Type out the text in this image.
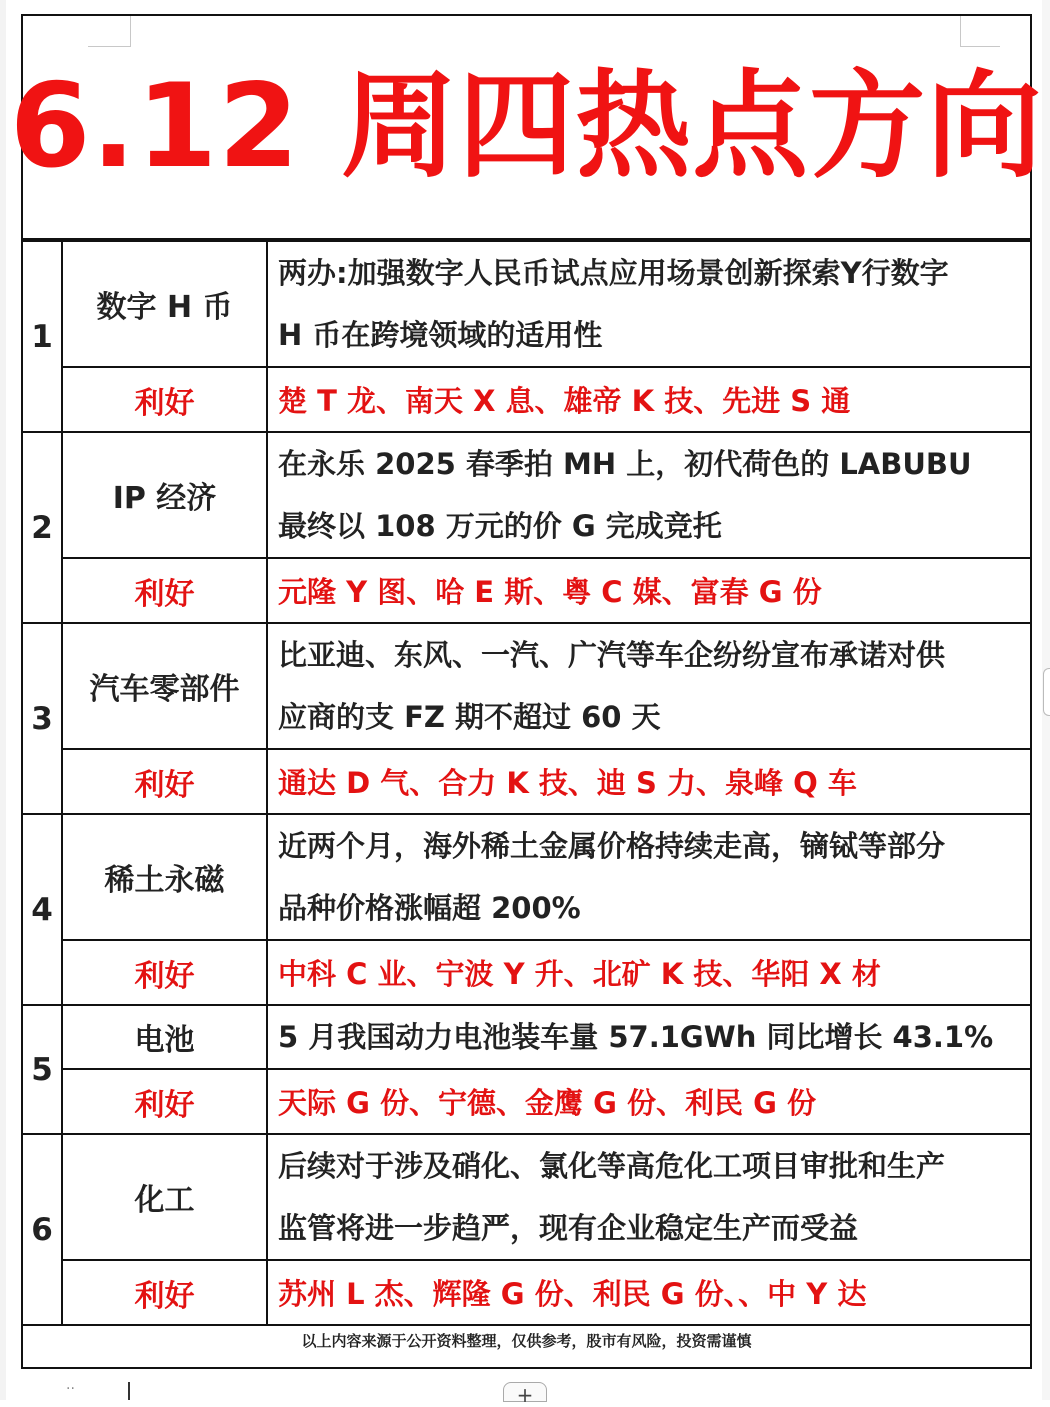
6.12 周四热点方向
1	数字 H 币	两办:加强数字人民币试点应用场景创新探索Y行数字
H 币在跨境领域的适用性

	利好	楚 T 龙、南天 X 息、雄帝 K 技、先进 S 通
2	IP 经济	在永乐 2025 春季拍 MH 上，初代荷色的 LABUBU
最终以 108 万元的价 G 完成竞托

	利好	元隆 Y 图、哈 E 斯、粤 C 媒、富春 G 份
3	汽车零部件	比亚迪、东风、一汽、广汽等车企纷纷宣布承诺对供
应商的支 FZ 期不超过 60 天

	利好	通达 D 气、合力 K 技、迪 S 力、泉峰 Q 车
4	稀土永磁	近两个月，海外稀土金属价格持续走高，镝铽等部分
品种价格涨幅超 200%

	利好	中科 C 业、宁波 Y 升、北矿 K 技、华阳 X 材
5	电池	5 月我国动力电池装车量 57.1GWh 同比增长 43.1%

	利好	天际 G 份、宁德、金鹰 G 份、利民 G 份
6	化工	后续对于涉及硝化、氯化等高危化工项目审批和生产
监管将进一步趋严，现有企业稳定生产而受益

	利好	苏州 L 杰、辉隆 G 份、利民 G 份、、中 Y 达
以上内容来源于公开资料整理，仅供参考，股市有风险，投资需谨慎
··	+
